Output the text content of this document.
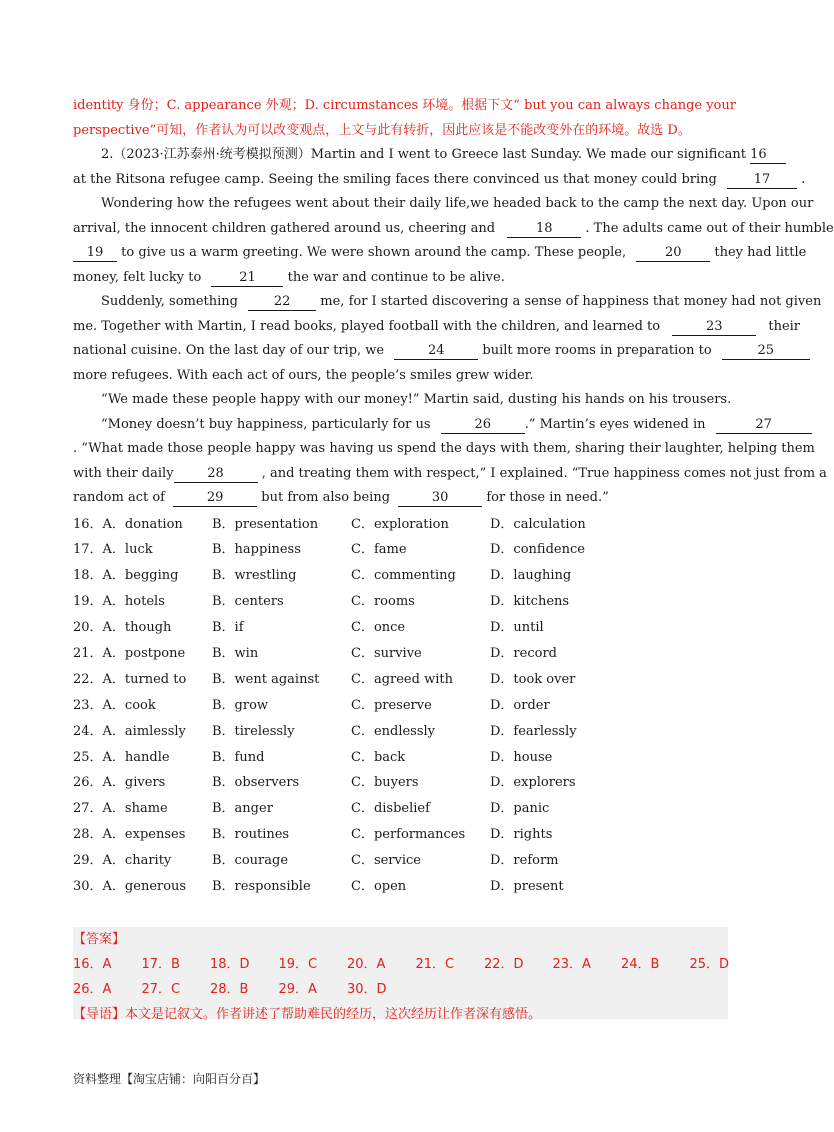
identity 身份；C. appearance 外观；D. circumstances 环境。根据下文“ but you can always change your
perspective”可知，作者认为可以改变观点，上文与此有转折，因此应该是不能改变外在的环境。故选 D。
2.（2023·江苏泰州·统考模拟预测）Martin and I went to Greece last Sunday. We made our significant 16
at the Ritsona refugee camp. Seeing the smiling faces there convinced us that money could bring	17 .
Wondering how the refugees went about their daily life,we headed back to the camp the next day. Upon our
arrival, the innocent children gathered around us, cheering and	18	. The adults came out of their humble
19 to give us a warm greeting. We were shown around the camp. These people,	20	they had little
money, felt lucky to	21 the war and continue to be alive.
Suddenly, something	22 me, for I started discovering a sense of happiness that money had not given
me. Together with Martin, I read books, played football with the children, and learned to	23	their
national cuisine. On the last day of our trip, we	24	built more rooms in preparation to	25
more refugees. With each act of ours, the people’s smiles grew wider.
“We made these people happy with our money!” Martin said, dusting his hands on his trousers.
“Money doesn’t buy happiness, particularly for us	26	.” Martin’s eyes widened in	27
. “What made those people happy was having us spend the days with them, sharing their laughter, helping them
with their daily	28	, and treating them with respect,” I explained. “True happiness comes not just from a
random act of	29	but from also being	30	for those in need.”
16．A．donation	B．presentation	C．exploration	D．calculation
17．A．luck	B．happiness	C．fame	D．confidence
18．A．begging	B．wrestling	C．commenting	D．laughing
19．A．hotels	B．centers	C．rooms	D．kitchens
20．A．though	B．if	C．once	D．until
21．A．postpone	B．win	C．survive	D．record
22．A．turned to	B．went against	C．agreed with	D．took over
23．A．cook	B．grow	C．preserve	D．order
24．A．aimlessly	B．tirelessly	C．endlessly	D．fearlessly
25．A．handle	B．fund	C．back	D．house
26．A．givers	B．observers	C．buyers	D．explorers
27．A．shame	B．anger	C．disbelief	D．panic
28．A．expenses	B．routines	C．performances	D．rights
29．A．charity	B．courage	C．service	D．reform
30．A．generous	B．responsible	C．open	D．present
【答案】
16．A	17．B	18．D	19．C	20．A	21．C	22．D	23．A	24．B	25．D
26．A	27．C	28．B	29．A	30．D
【导语】本文是记叙文。作者讲述了帮助难民的经历，这次经历让作者深有感悟。
资料整理【淘宝店铺：向阳百分百】
